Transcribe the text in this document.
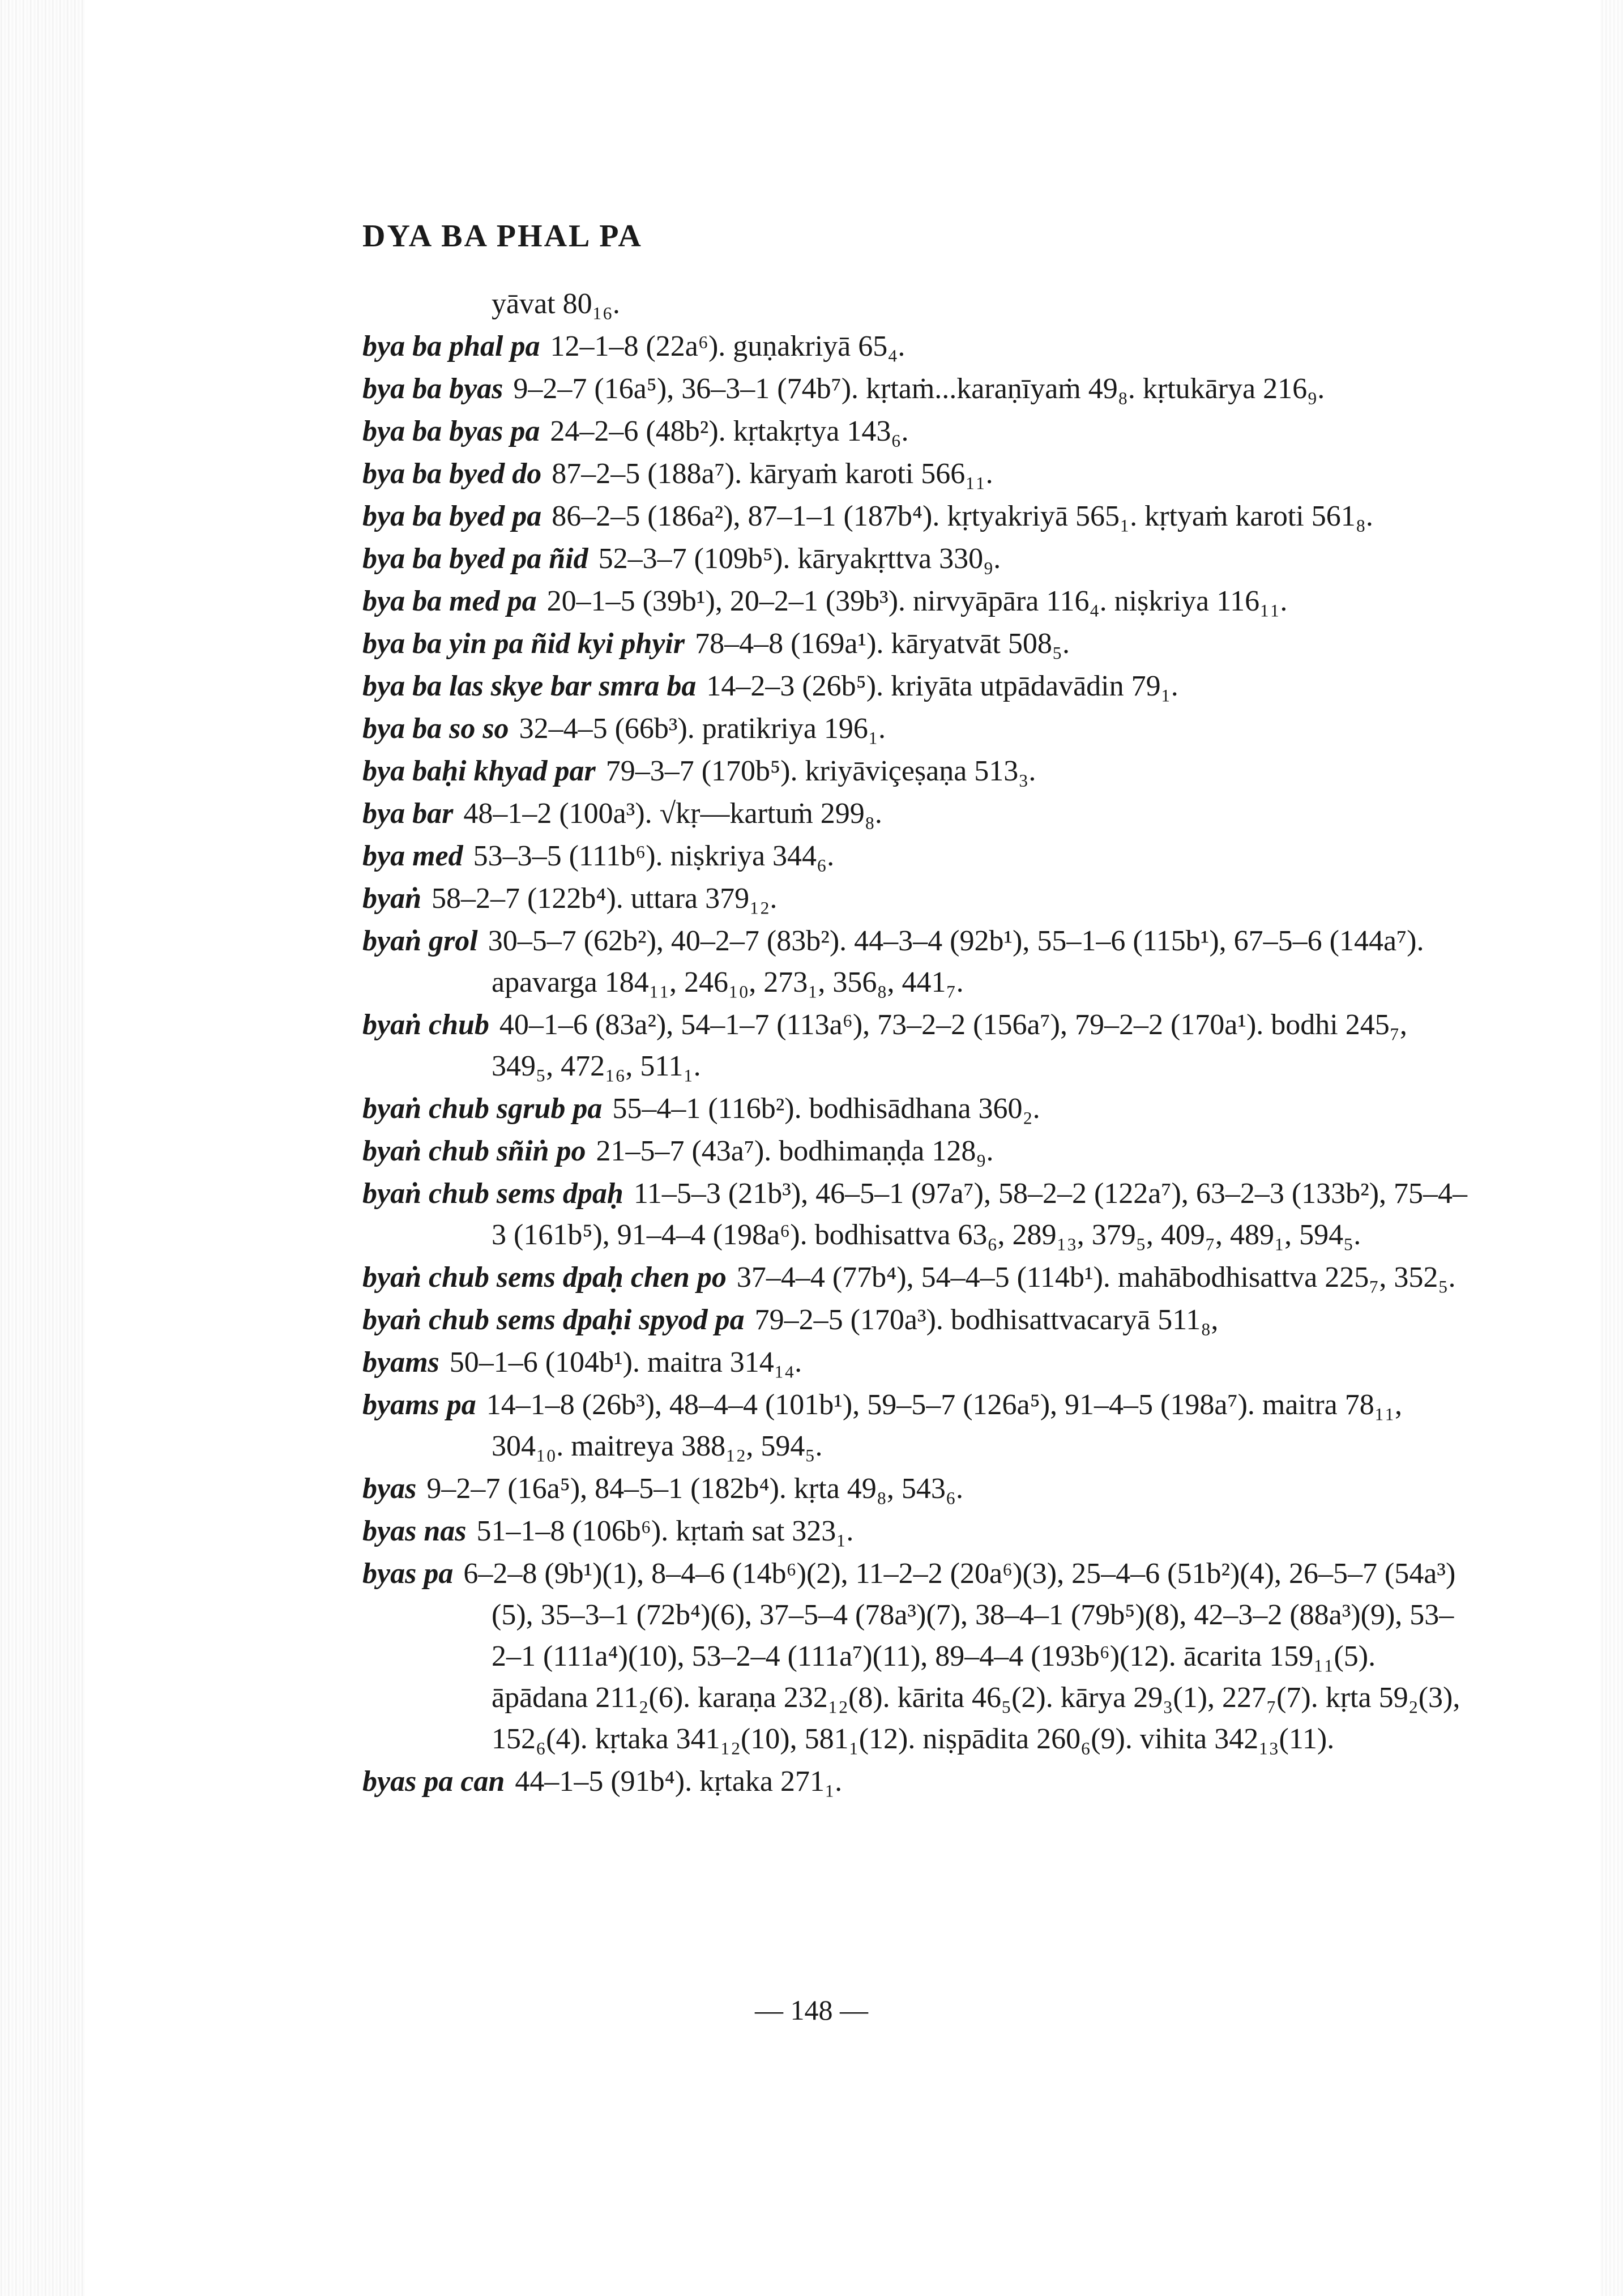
DYA BA PHAL PA
yāvat 80₁₆.
bya ba phal pa 12–1–8 (22a⁶). guṇakriyā 65₄.
bya ba byas 9–2–7 (16a⁵), 36–3–1 (74b⁷). kṛtaṁ...karaṇīyaṁ 49₈. kṛtukārya 216₉.
bya ba byas pa 24–2–6 (48b²). kṛtakṛtya 143₆.
bya ba byed do 87–2–5 (188a⁷). kāryaṁ karoti 566₁₁.
bya ba byed pa 86–2–5 (186a²), 87–1–1 (187b⁴). kṛtyakriyā 565₁. kṛtyaṁ karoti 561₈.
bya ba byed pa ñid 52–3–7 (109b⁵). kāryakṛttva 330₉.
bya ba med pa 20–1–5 (39b¹), 20–2–1 (39b³). nirvyāpāra 116₄. niṣkriya 116₁₁.
bya ba yin pa ñid kyi phyir 78–4–8 (169a¹). kāryatvāt 508₅.
bya ba las skye bar smra ba 14–2–3 (26b⁵). kriyāta utpādavādin 79₁.
bya ba so so 32–4–5 (66b³). pratikriya 196₁.
bya baḥi khyad par 79–3–7 (170b⁵). kriyāviçeṣaṇa 513₃.
bya bar 48–1–2 (100a³). √kṛ—kartuṁ 299₈.
bya med 53–3–5 (111b⁶). niṣkriya 344₆.
byaṅ 58–2–7 (122b⁴). uttara 379₁₂.
byaṅ grol 30–5–7 (62b²), 40–2–7 (83b²). 44–3–4 (92b¹), 55–1–6 (115b¹), 67–5–6 (144a⁷). apavarga 184₁₁, 246₁₀, 273₁, 356₈, 441₇.
byaṅ chub 40–1–6 (83a²), 54–1–7 (113a⁶), 73–2–2 (156a⁷), 79–2–2 (170a¹). bodhi 245₇, 349₅, 472₁₆, 511₁.
byaṅ chub sgrub pa 55–4–1 (116b²). bodhisādhana 360₂.
byaṅ chub sñiṅ po 21–5–7 (43a⁷). bodhimaṇḍa 128₉.
byaṅ chub sems dpaḥ 11–5–3 (21b³), 46–5–1 (97a⁷), 58–2–2 (122a⁷), 63–2–3 (133b²), 75–4–3 (161b⁵), 91–4–4 (198a⁶). bodhisattva 63₆, 289₁₃, 379₅, 409₇, 489₁, 594₅.
byaṅ chub sems dpaḥ chen po 37–4–4 (77b⁴), 54–4–5 (114b¹). mahābodhisattva 225₇, 352₅.
byaṅ chub sems dpaḥi spyod pa 79–2–5 (170a³). bodhisattvacaryā 511₈,
byams 50–1–6 (104b¹). maitra 314₁₄.
byams pa 14–1–8 (26b³), 48–4–4 (101b¹), 59–5–7 (126a⁵), 91–4–5 (198a⁷). maitra 78₁₁, 304₁₀. maitreya 388₁₂, 594₅.
byas 9–2–7 (16a⁵), 84–5–1 (182b⁴). kṛta 49₈, 543₆.
byas nas 51–1–8 (106b⁶). kṛtaṁ sat 323₁.
byas pa 6–2–8 (9b¹)(1), 8–4–6 (14b⁶)(2), 11–2–2 (20a⁶)(3), 25–4–6 (51b²)(4), 26–5–7 (54a³)(5), 35–3–1 (72b⁴)(6), 37–5–4 (78a³)(7), 38–4–1 (79b⁵)(8), 42–3–2 (88a³)(9), 53–2–1 (111a⁴)(10), 53–2–4 (111a⁷)(11), 89–4–4 (193b⁶)(12). ācarita 159₁₁(5). āpādana 211₂(6). karaṇa 232₁₂(8). kārita 46₅(2). kārya 29₃(1), 227₇(7). kṛta 59₂(3), 152₆(4). kṛtaka 341₁₂(10), 581₁(12). niṣpādita 260₆(9). vihita 342₁₃(11).
byas pa can 44–1–5 (91b⁴). kṛtaka 271₁.
— 148 —
